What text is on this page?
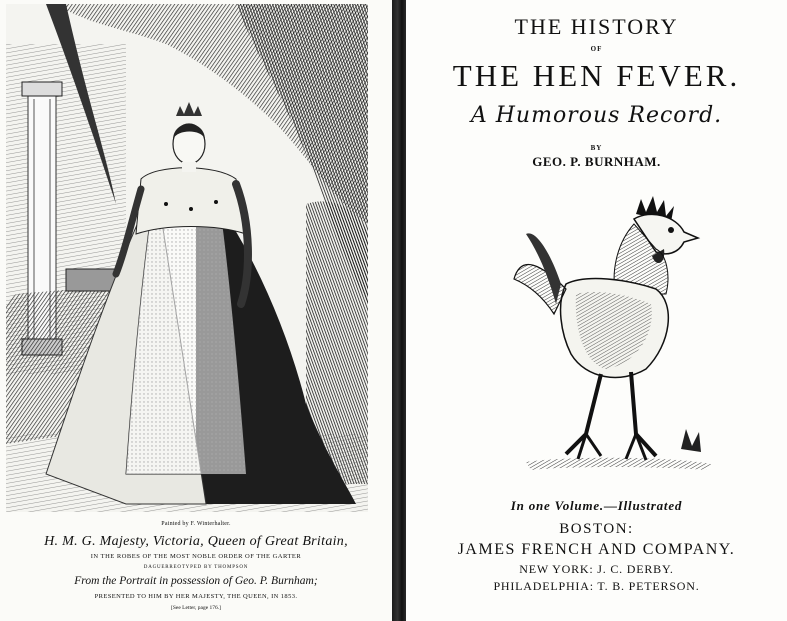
Painted by F. Winterhalter.
H. M. G. Majesty, Victoria, Queen of Great Britain,
IN THE ROBES OF THE MOST NOBLE ORDER OF THE GARTER
DAGUERREOTYPED BY THOMPSON
From the Portrait in possession of Geo. P. Burnham;
PRESENTED TO HIM BY HER MAJESTY, THE QUEEN, IN 1853.
[See Letter, page 176.]
THE HISTORY
OF
THE HEN FEVER.
A Humorous Record.
BY
GEO. P. BURNHAM.
In one Volume.—Illustrated
BOSTON:
JAMES FRENCH AND COMPANY.
NEW YORK: J. C. DERBY.
PHILADELPHIA: T. B. PETERSON.
